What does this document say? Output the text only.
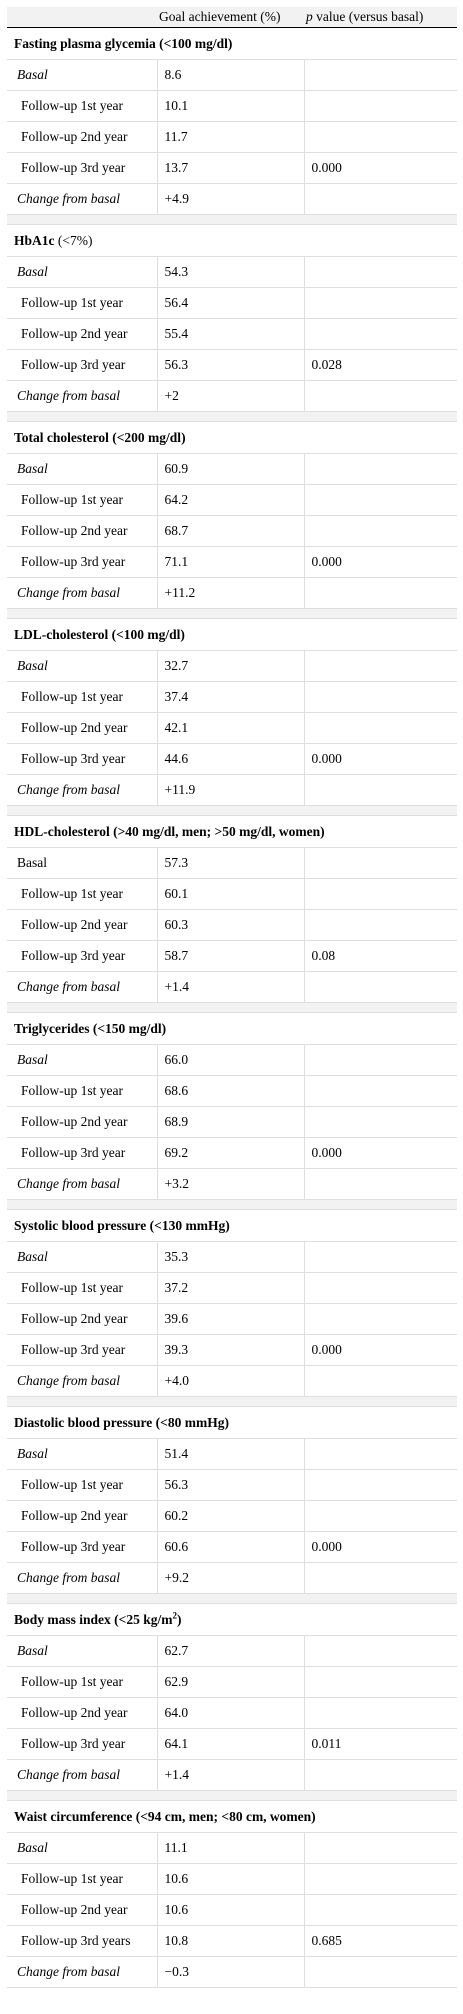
	Goal achievement (%)	p value (versus basal)
Fasting plasma glycemia (<100 mg/dl)		
Basal	8.6	
Follow-up 1st year	10.1	
Follow-up 2nd year	11.7	
Follow-up 3rd year	13.7	0.000
Change from basal	+4.9	

HbA1c (<7%)		
Basal	54.3	
Follow-up 1st year	56.4	
Follow-up 2nd year	55.4	
Follow-up 3rd year	56.3	0.028
Change from basal	+2	

Total cholesterol (<200 mg/dl)		
Basal	60.9	
Follow-up 1st year	64.2	
Follow-up 2nd year	68.7	
Follow-up 3rd year	71.1	0.000
Change from basal	+11.2	

LDL-cholesterol (<100 mg/dl)		
Basal	32.7	
Follow-up 1st year	37.4	
Follow-up 2nd year	42.1	
Follow-up 3rd year	44.6	0.000
Change from basal	+11.9	

HDL-cholesterol (>40 mg/dl, men; >50 mg/dl, women)		
Basal	57.3	
Follow-up 1st year	60.1	
Follow-up 2nd year	60.3	
Follow-up 3rd year	58.7	0.08
Change from basal	+1.4	

Triglycerides (<150 mg/dl)		
Basal	66.0	
Follow-up 1st year	68.6	
Follow-up 2nd year	68.9	
Follow-up 3rd year	69.2	0.000
Change from basal	+3.2	

Systolic blood pressure (<130 mmHg)		
Basal	35.3	
Follow-up 1st year	37.2	
Follow-up 2nd year	39.6	
Follow-up 3rd year	39.3	0.000
Change from basal	+4.0	

Diastolic blood pressure (<80 mmHg)		
Basal	51.4	
Follow-up 1st year	56.3	
Follow-up 2nd year	60.2	
Follow-up 3rd year	60.6	0.000
Change from basal	+9.2	

Body mass index (<25 $kg/m^2$)		
Basal	62.7	
Follow-up 1st year	62.9	
Follow-up 2nd year	64.0	
Follow-up 3rd year	64.1	0.011
Change from basal	+1.4	

Waist circumference (<94 cm, men; <80 cm, women)		
Basal	11.1	
Follow-up 1st year	10.6	
Follow-up 2nd year	10.6	
Follow-up 3rd years	10.8	0.685
Change from basal	−0.3	
